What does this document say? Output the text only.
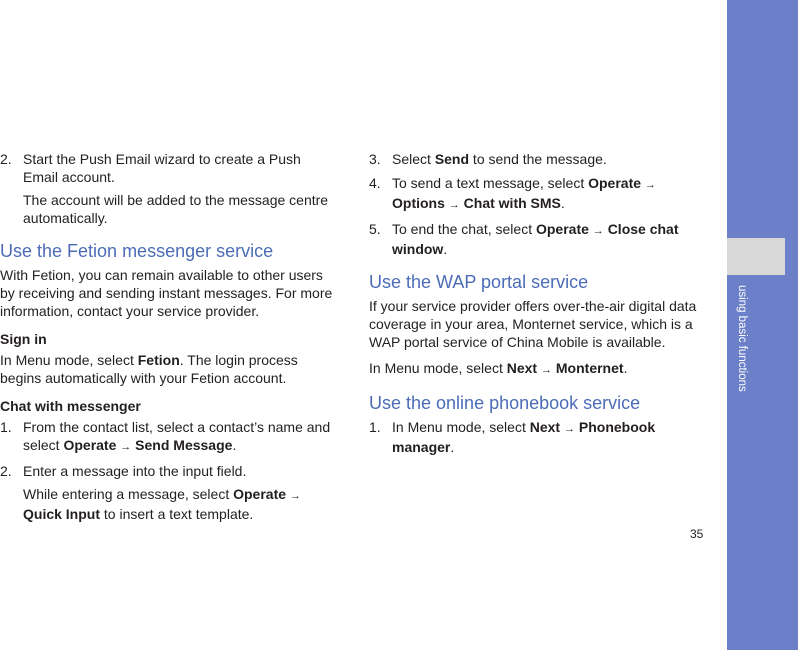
using basic functions
35
2. Start the Push Email wizard to create a Push Email account.
The account will be added to the message centre automatically.
Use the Fetion messenger service
With Fetion, you can remain available to other users by receiving and sending instant messages. For more information, contact your service provider.
Sign in
In Menu mode, select Fetion. The login process begins automatically with your Fetion account.
Chat with messenger
1. From the contact list, select a contact’s name and select Operate → Send Message.
2. Enter a message into the input field.
While entering a message, select Operate → Quick Input to insert a text template.
3. Select Send to send the message.
4. To send a text message, select Operate → Options → Chat with SMS.
5. To end the chat, select Operate → Close chat window.
Use the WAP portal service
If your service provider offers over-the-air digital data coverage in your area, Monternet service, which is a WAP portal service of China Mobile is available.
In Menu mode, select Next → Monternet.
Use the online phonebook service
1. In Menu mode, select Next → Phonebook manager.
